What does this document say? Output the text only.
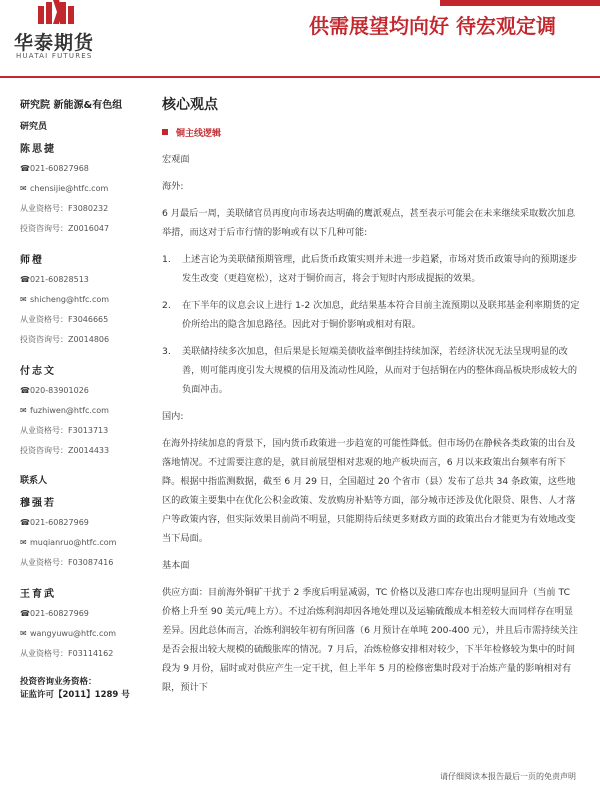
华泰期货
HUATAI FUTURES
供需展望均向好 待宏观定调
研究院 新能源&有色组
研究员
陈思捷
☎021-60827968
✉ chensijie@htfc.com
从业资格号：F3080232
投资咨询号：Z0016047
师橙
☎021-60828513
✉ shicheng@htfc.com
从业资格号：F3046665
投资咨询号：Z0014806
付志文
☎020-83901026
✉ fuzhiwen@htfc.com
从业资格号：F3013713
投资咨询号：Z0014433
联系人
穆强若
☎021-60827969
✉ muqianruo@htfc.com
从业资格号：F03087416
王育武
☎021-60827969
✉ wangyuwu@htfc.com
从业资格号：F03114162
投资咨询业务资格：
证监许可【2011】1289 号
核心观点
铜主线逻辑
宏观面
海外:
6 月最后一周，美联储官员再度向市场表达明确的鹰派观点，甚至表示可能会在未来继续采取数次加息举措，而这对于后市行情的影响或有以下几种可能:
1.	上述言论为美联储预期管理，此后货币政策实则并未进一步趋紧，市场对货币政策导向的预期逐步发生改变（更趋宽松），这对于铜价而言，将会于短时内形成提振的效果。
2.	在下半年的议息会议上进行 1-2 次加息，此结果基本符合目前主流预期以及联邦基金利率期货的定价所给出的隐含加息路径。因此对于铜价影响或相对有限。
3.	美联储持续多次加息，但后果是长短端美债收益率倒挂持续加深，若经济状况无法呈现明显的改善，则可能再度引发大规模的信用及流动性风险，从而对于包括铜在内的整体商品板块形成较大的负面冲击。
国内:
在海外持续加息的背景下，国内货币政策进一步趋宽的可能性降低。但市场仍在静候各类政策的出台及落地情况。不过需要注意的是，就目前展望相对悲观的地产板块而言，6 月以来政策出台频率有所下降。根据中指监测数据，截至 6 月 29 日，全国超过 20 个省市（县）发布了总共 34 条政策，这些地区的政策主要集中在优化公积金政策、发放购房补贴等方面，部分城市还涉及优化限贷、限售、人才落户等政策内容，但实际效果目前尚不明显，只能期待后续更多财政方面的政策出台才能更为有效地改变当下局面。
基本面
供应方面：目前海外铜矿干扰于 2 季度后明显减弱，TC 价格以及港口库存也出现明显回升（当前 TC 价格上升至 90 美元/吨上方）。不过冶炼利润却因各地处理以及运输硫酸成本相差较大而同样存在明显差异。因此总体而言，冶炼利润较年初有所回落（6 月预计在单吨 200-400 元），并且后市需持续关注是否会报出较大规模的硫酸胀库的情况。7 月后，冶炼检修安排相对较少，下半年检修较为集中的时间段为 9 月份，届时或对供应产生一定干扰，但上半年 5 月的检修密集时段对于冶炼产量的影响相对有限，预计下
请仔细阅读本报告最后一页的免责声明
